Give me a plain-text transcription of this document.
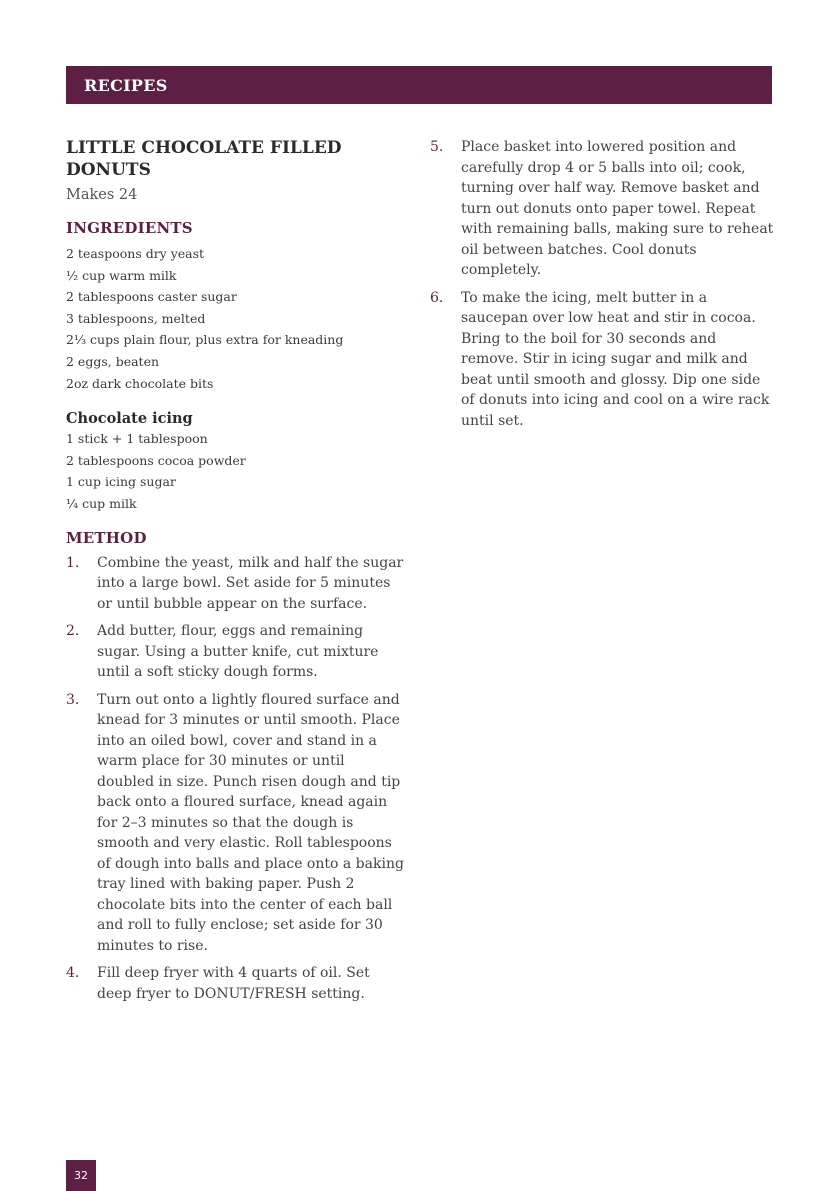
RECIPES
LITTLE CHOCOLATE FILLED DONUTS

Makes 24

INGREDIENTS
2 teaspoons dry yeast
½ cup warm milk
2 tablespoons caster sugar
3 tablespoons, melted
2⅓ cups plain flour, plus extra for kneading
2 eggs, beaten
2oz dark chocolate bits
Chocolate icing
1 stick + 1 tablespoon
2 tablespoons cocoa powder
1 cup icing sugar
¼ cup milk
METHOD
1. Combine the yeast, milk and half the sugar into a large bowl. Set aside for 5 minutes or until bubble appear on the surface.
2. Add butter, flour, eggs and remaining sugar. Using a butter knife, cut mixture until a soft sticky dough forms.
3. Turn out onto a lightly floured surface and knead for 3 minutes or until smooth. Place into an oiled bowl, cover and stand in a warm place for 30 minutes or until doubled in size. Punch risen dough and tip back onto a floured surface, knead again for 2–3 minutes so that the dough is smooth and very elastic. Roll tablespoons of dough into balls and place onto a baking tray lined with baking paper. Push 2 chocolate bits into the center of each ball and roll to fully enclose; set aside for 30 minutes to rise.
4. Fill deep fryer with 4 quarts of oil. Set deep fryer to DONUT/FRESH setting.
5. Place basket into lowered position and carefully drop 4 or 5 balls into oil; cook, turning over half way. Remove basket and turn out donuts onto paper towel. Repeat with remaining balls, making sure to reheat oil between batches. Cool donuts completely.
6. To make the icing, melt butter in a saucepan over low heat and stir in cocoa. Bring to the boil for 30 seconds and remove. Stir in icing sugar and milk and beat until smooth and glossy. Dip one side of donuts into icing and cool on a wire rack until set.
32
